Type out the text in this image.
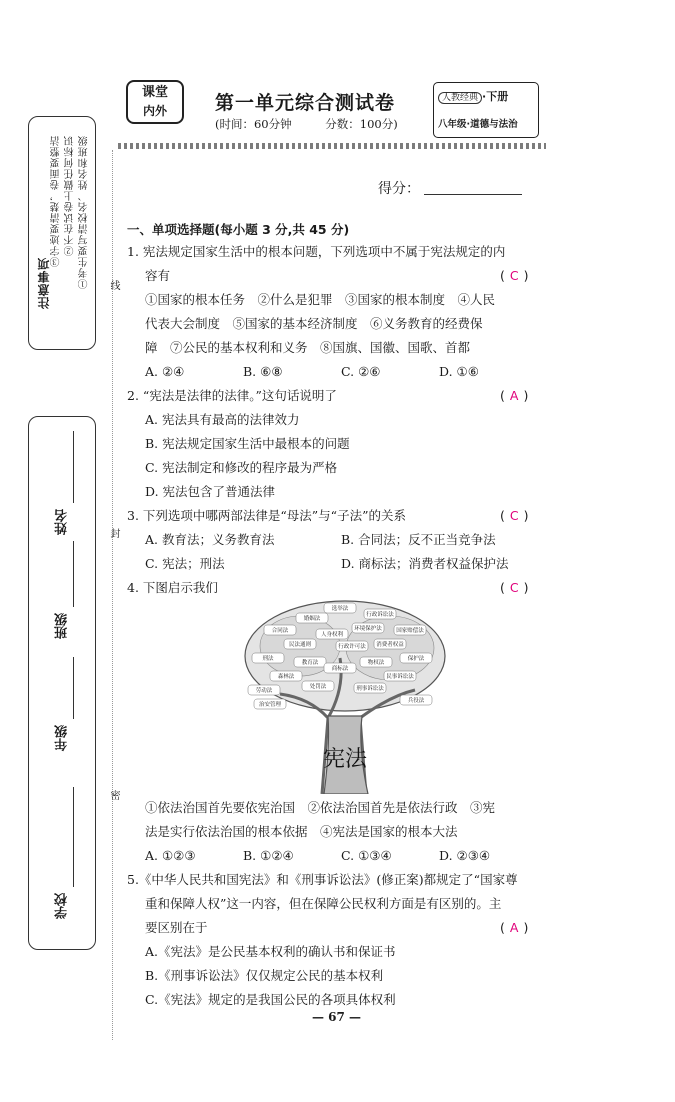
课堂
内外	第一单元综合测试卷
(时间：60分钟	分数：100分)
人教经典 ·下册
八年级·道德与法治
得分：
注意事项	①考生要写清校名、姓名和班级
②不在试卷上做任何标识
③字迹要清楚，卷面要整洁
学校
年级
班级
姓名
线
封
密
一、单项选择题(每小题 3 分,共 45 分)
1. 宪法规定国家生活中的根本问题，下列选项中不属于宪法规定的内
容有	( C )
①国家的根本任务　②什么是犯罪　③国家的根本制度　④人民
代表大会制度　⑤国家的基本经济制度　⑥义务教育的经费保
障　⑦公民的基本权利和义务　⑧国旗、国徽、国歌、首都
A. ②④	B. ⑥⑧	C. ②⑥	D. ①⑥
2. “宪法是法律的法律。”这句话说明了	( A )
A. 宪法具有最高的法律效力
B. 宪法规定国家生活中最根本的问题
C. 宪法制定和修改的程序最为严格
D. 宪法包含了普通法律
3. 下列选项中哪两部法律是“母法”与“子法”的关系	( C )
A. 教育法；义务教育法	B. 合同法；反不正当竞争法
C. 宪法；刑法	D. 商标法；消费者权益保护法
4. 下图启示我们	( C )
宪法
婚姻法
选举法
行政诉讼法
合同法
人身权利
环境保护法	国家赔偿法
民法通则	行政许可法 消费者权益
刑法
教育法
商标法
物权法
保护法
森林法	民事诉讼法
劳动法
处罚法	刑事诉讼法
治安管理
兵役法
①依法治国首先要依宪治国　②依法治国首先是依法行政　③宪
法是实行依法治国的根本依据　④宪法是国家的根本大法
A. ①②③	B. ①②④	C. ①③④	D. ②③④
5.《中华人民共和国宪法》和《刑事诉讼法》(修正案)都规定了“国家尊
重和保障人权”这一内容，但在保障公民权利方面是有区别的。主
要区别在于	( A )
A.《宪法》是公民基本权利的确认书和保证书
B.《刑事诉讼法》仅仅规定公民的基本权利
C.《宪法》规定的是我国公民的各项具体权利
— 67 —
